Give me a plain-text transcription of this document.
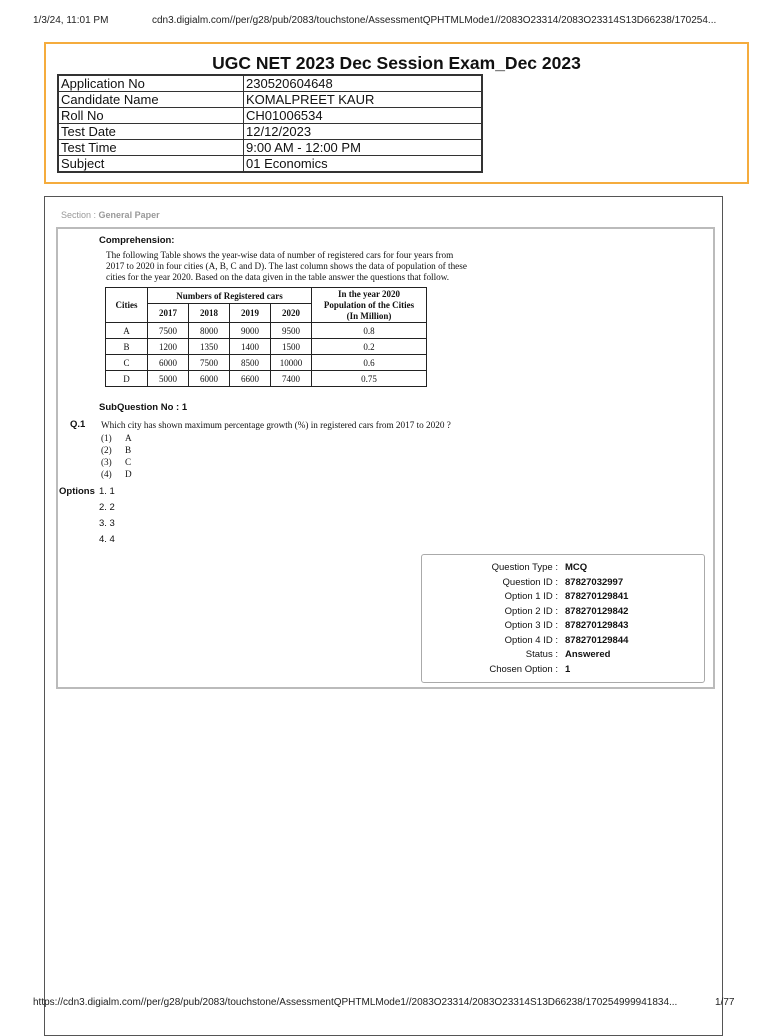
1/3/24, 11:01 PM	cdn3.digialm.com//per/g28/pub/2083/touchstone/AssessmentQPHTMLMode1//2083O23314/2083O23314S13D66238/170254...
UGC NET 2023 Dec Session Exam_Dec 2023
Application No	230520604648
Candidate Name	KOMALPREET KAUR
Roll No	CH01006534
Test Date	12/12/2023
Test Time	9:00 AM - 12:00 PM
Subject	01 Economics
Section : General Paper
Comprehension:
The following Table shows the year-wise data of number of registered cars for four years from
2017 to 2020 in four cities (A, B, C and D). The last column shows the data of population of these
cities for the year 2020. Based on the data given in the table answer the questions that follow.
Cities	Numbers of Registered cars				In the year 2020
Population of the Cities
(In Million)

	2017	2018	2019	2020	
A	7500	8000	9000	9500	0.8
B	1200	1350	1400	1500	0.2
C	6000	7500	8500	10000	0.6
D	5000	6000	6600	7400	0.75
SubQuestion No : 1
Q.1 Which city has shown maximum percentage growth (%) in registered cars from 2017 to 2020 ?
(1) A
(2) B
(3) C
(4) D
Options 1. 1
2. 2
3. 3
4. 4
Question Type : MCQ
Question ID : 87827032997
Option 1 ID : 878270129841
Option 2 ID : 878270129842
Option 3 ID : 878270129843
Option 4 ID : 878270129844
Status : Answered
Chosen Option : 1
https://cdn3.digialm.com//per/g28/pub/2083/touchstone/AssessmentQPHTMLMode1//2083O23314/2083O23314S13D66238/170254999941834...	1/77
